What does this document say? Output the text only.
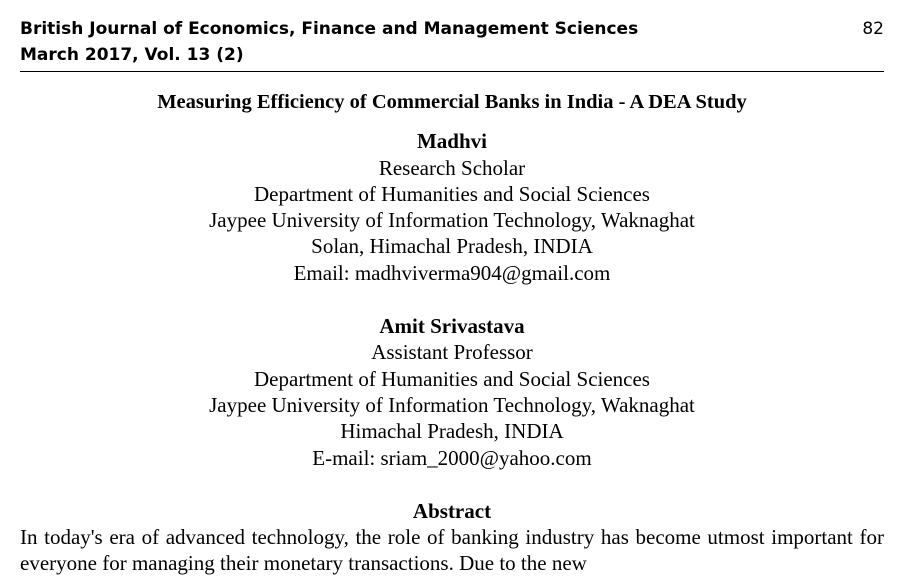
British Journal of Economics, Finance and Management Sciences
March 2017, Vol. 13 (2)
82
Measuring Efficiency of Commercial Banks in India - A DEA Study
Madhvi
Research Scholar
Department of Humanities and Social Sciences
Jaypee University of Information Technology, Waknaghat
Solan, Himachal Pradesh, INDIA
Email: madhviverma904@gmail.com
Amit Srivastava
Assistant Professor
Department of Humanities and Social Sciences
Jaypee University of Information Technology, Waknaghat
Himachal Pradesh, INDIA
E-mail: sriam_2000@yahoo.com
Abstract
In today's era of advanced technology, the role of banking industry has become utmost important for everyone for managing their monetary transactions. Due to the new
